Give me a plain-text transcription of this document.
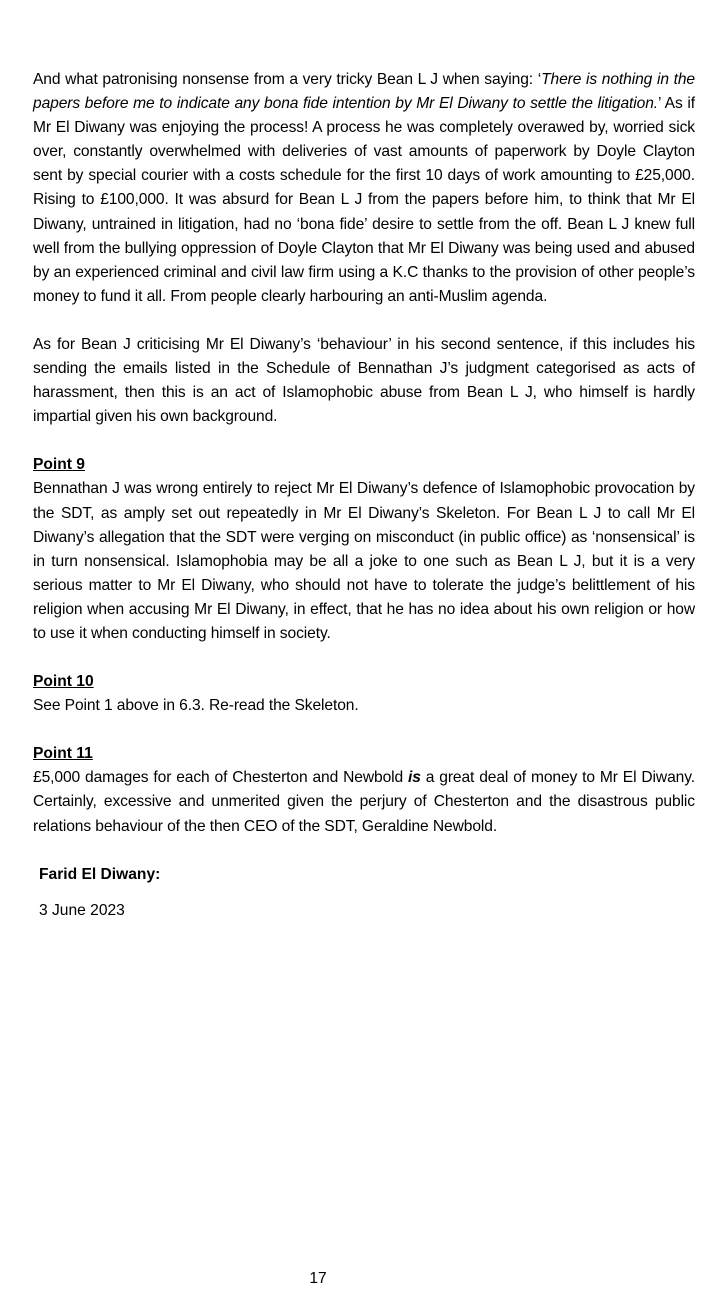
And what patronising nonsense from a very tricky Bean L J when saying: ‘There is nothing in the papers before me to indicate any bona fide intention by Mr El Diwany to settle the litigation.’ As if Mr El Diwany was enjoying the process! A process he was completely overawed by, worried sick over, constantly overwhelmed with deliveries of vast amounts of paperwork by Doyle Clayton sent by special courier with a costs schedule for the first 10 days of work amounting to £25,000. Rising to £100,000. It was absurd for Bean L J from the papers before him, to think that Mr El Diwany, untrained in litigation, had no ‘bona fide’ desire to settle from the off. Bean L J knew full well from the bullying oppression of Doyle Clayton that Mr El Diwany was being used and abused by an experienced criminal and civil law firm using a K.C thanks to the provision of other people’s money to fund it all. From people clearly harbouring an anti-Muslim agenda.

As for Bean J criticising Mr El Diwany’s ‘behaviour’ in his second sentence, if this includes his sending the emails listed in the Schedule of Bennathan J’s judgment categorised as acts of harassment, then this is an act of Islamophobic abuse from Bean L J, who himself is hardly impartial given his own background.

Point 9

Bennathan J was wrong entirely to reject Mr El Diwany’s defence of Islamophobic provocation by the SDT, as amply set out repeatedly in Mr El Diwany’s Skeleton. For Bean L J to call Mr El Diwany’s allegation that the SDT were verging on misconduct (in public office) as ‘nonsensical’ is in turn nonsensical. Islamophobia may be all a joke to one such as Bean L J, but it is a very serious matter to Mr El Diwany, who should not have to tolerate the judge’s belittlement of his religion when accusing Mr El Diwany, in effect, that he has no idea about his own religion or how to use it when conducting himself in society.

Point 10

See Point 1 above in 6.3. Re-read the Skeleton.

Point 11

£5,000 damages for each of Chesterton and Newbold is a great deal of money to Mr El Diwany. Certainly, excessive and unmerited given the perjury of Chesterton and the disastrous public relations behaviour of the then CEO of the SDT, Geraldine Newbold.

Farid El Diwany:

3 June 2023

17
